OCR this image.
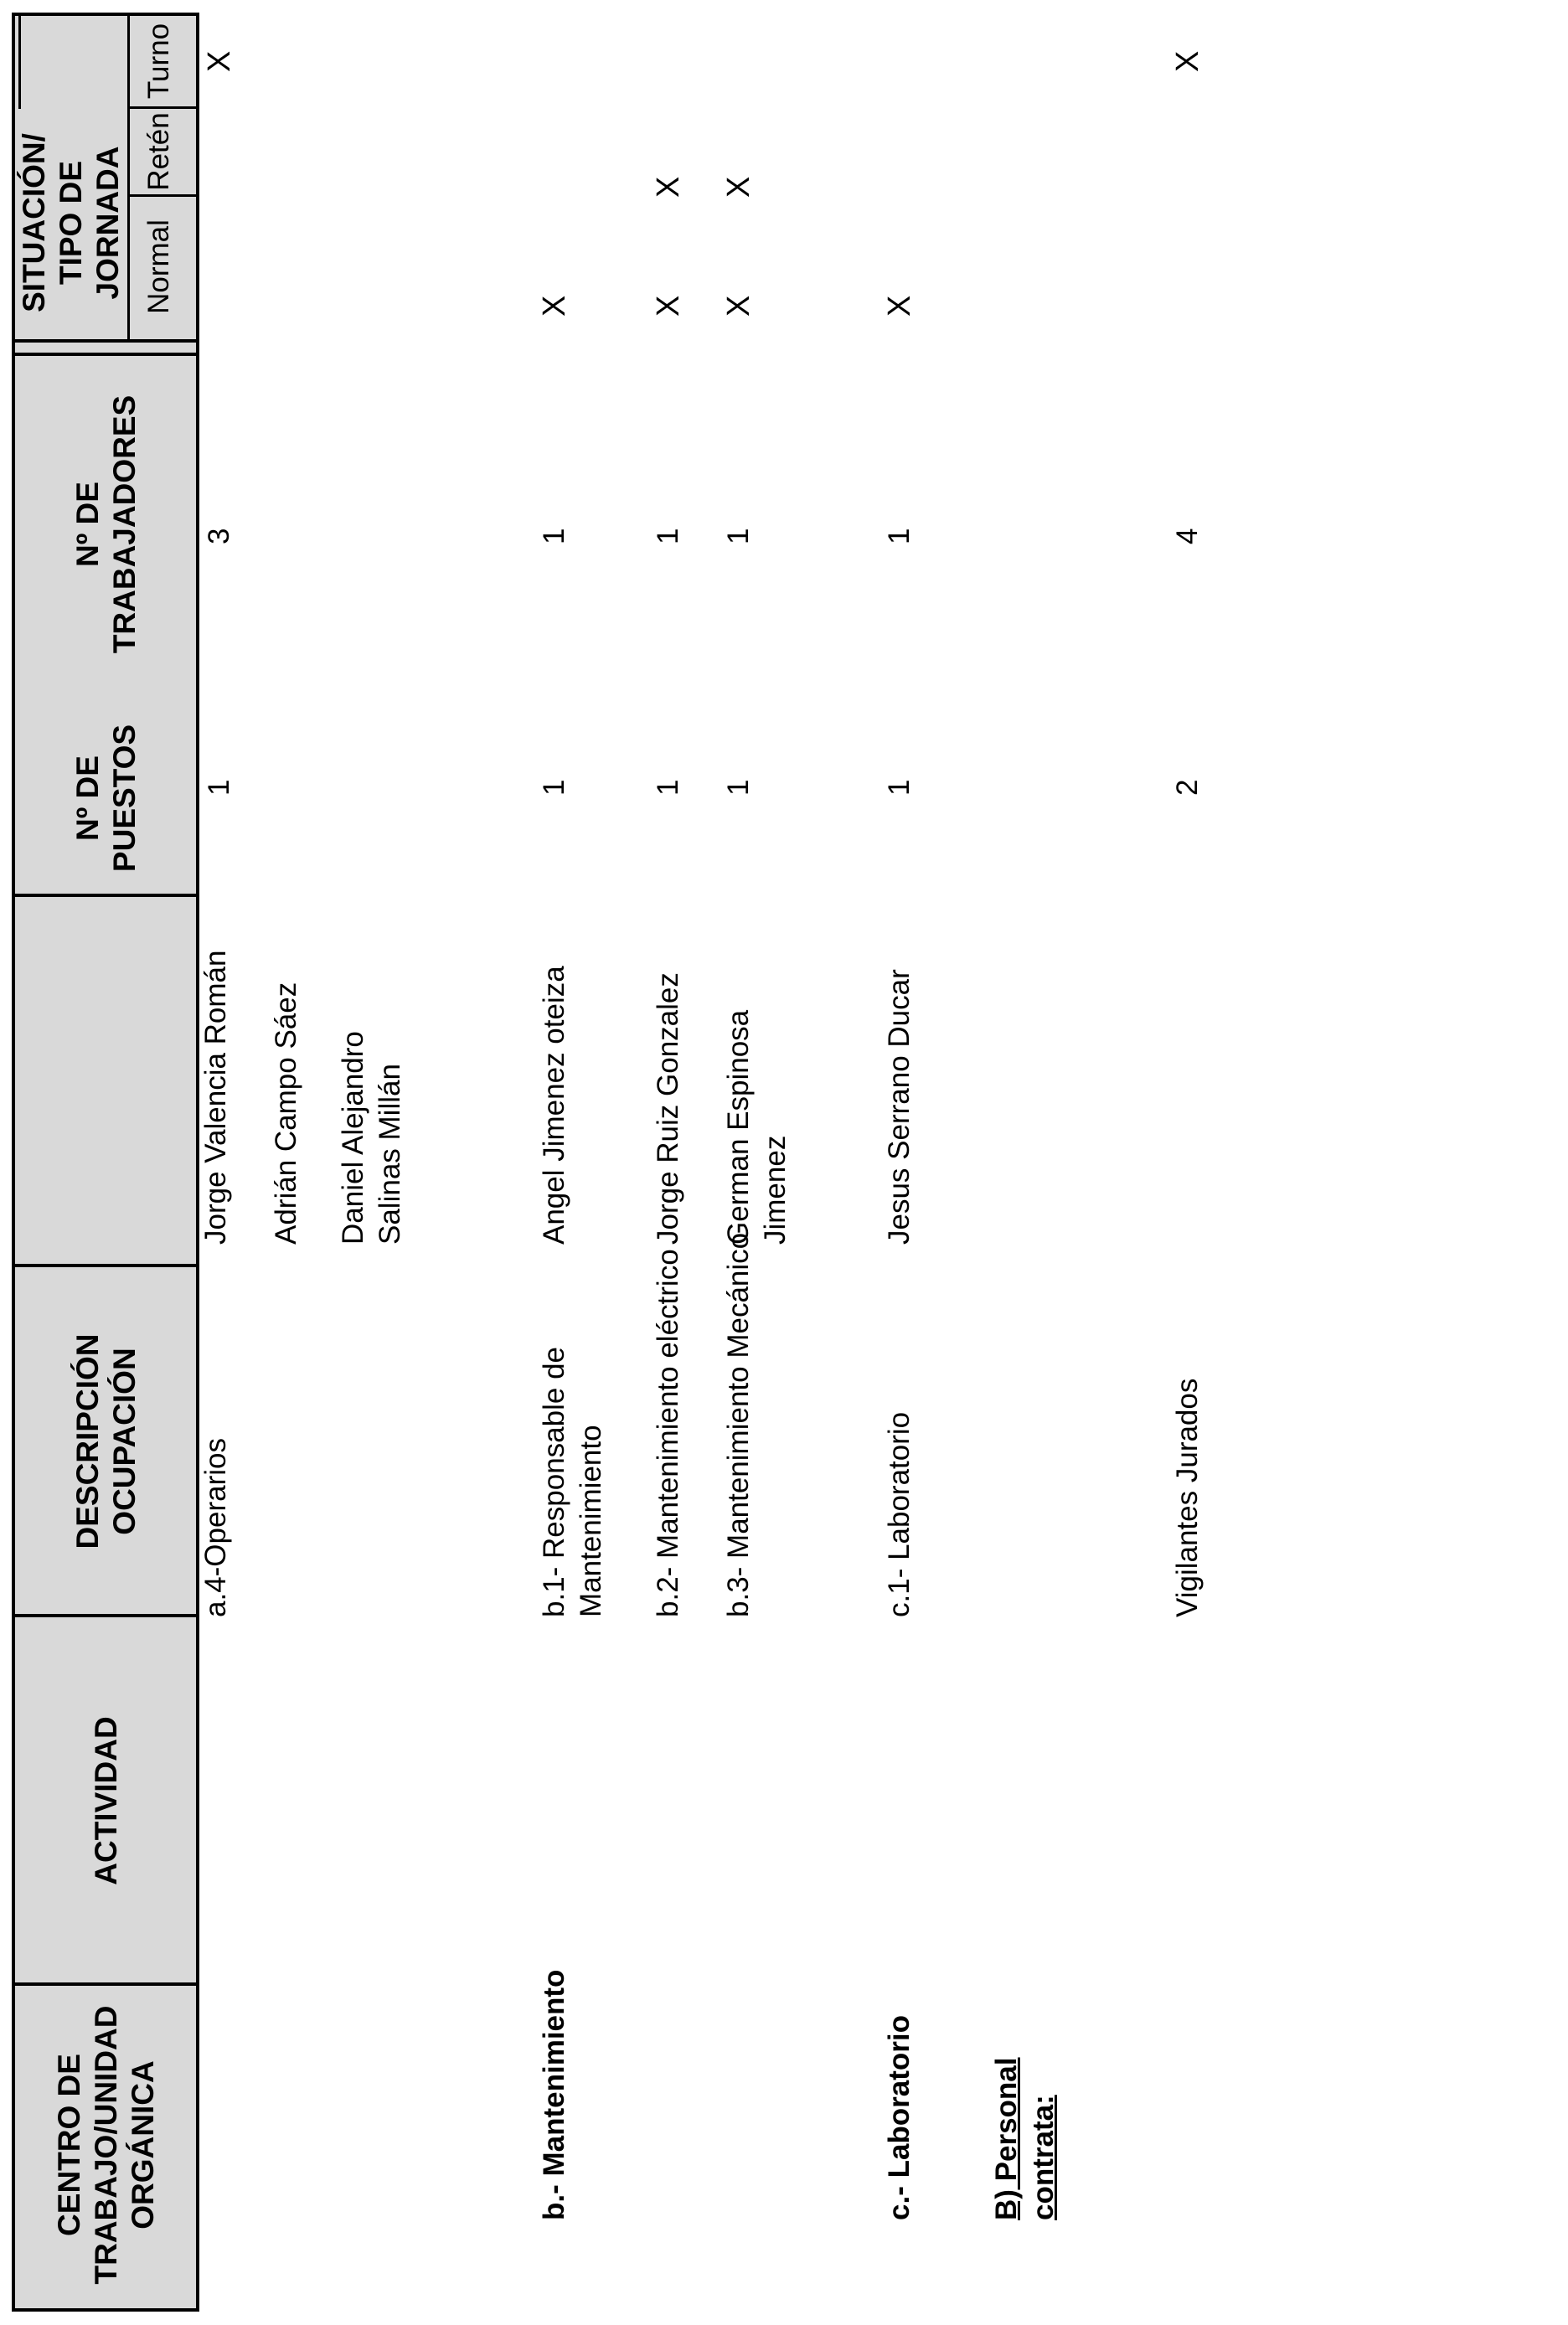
CENTRO DE TRABAJO/UNIDAD ORGÁNICA
ACTIVIDAD
DESCRIPCIÓN OCUPACIÓN
Nº DE PUESTOS
Nº DE TRABAJADORES
SITUACIÓN/ TIPO DE JORNADA Normal
Retén
Turno
a.4-Operarios
Jorge Valencia Román Adrián Campo Sáez Daniel Alejandro Salinas Millán
1
3
X
b.- Mantenimiento
b.1- Responsable de Mantenimiento
Angel Jimenez oteiza
1
1
X
b.2- Mantenimiento eléctrico
Jorge Ruiz Gonzalez
1
1
X
X
b.3- Mantenimiento Mecánico
German Espinosa Jimenez
1
1
X
X
c.- Laboratorio
c.1- Laboratorio
Jesus Serrano Ducar
1
1
X
B) Personal contrata:
Vigilantes Jurados
2
4
X
